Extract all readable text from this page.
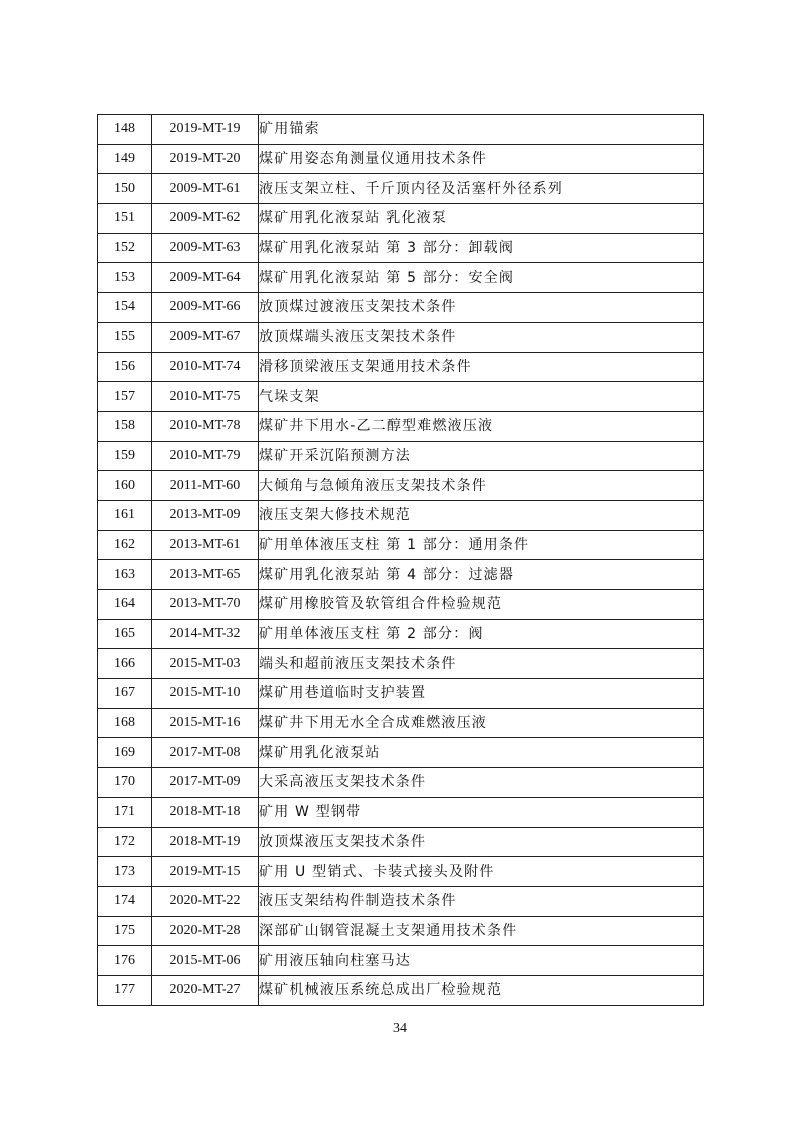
148	2019-MT-19	矿用锚索
149	2019-MT-20	煤矿用姿态角测量仪通用技术条件
150	2009-MT-61	液压支架立柱、千斤顶内径及活塞杆外径系列
151	2009-MT-62	煤矿用乳化液泵站 乳化液泵
152	2009-MT-63	煤矿用乳化液泵站 第 3 部分：卸载阀
153	2009-MT-64	煤矿用乳化液泵站 第 5 部分：安全阀
154	2009-MT-66	放顶煤过渡液压支架技术条件
155	2009-MT-67	放顶煤端头液压支架技术条件
156	2010-MT-74	滑移顶梁液压支架通用技术条件
157	2010-MT-75	气垛支架
158	2010-MT-78	煤矿井下用水-乙二醇型难燃液压液
159	2010-MT-79	煤矿开采沉陷预测方法
160	2011-MT-60	大倾角与急倾角液压支架技术条件
161	2013-MT-09	液压支架大修技术规范
162	2013-MT-61	矿用单体液压支柱 第 1 部分：通用条件
163	2013-MT-65	煤矿用乳化液泵站 第 4 部分：过滤器
164	2013-MT-70	煤矿用橡胶管及软管组合件检验规范
165	2014-MT-32	矿用单体液压支柱 第 2 部分：阀
166	2015-MT-03	端头和超前液压支架技术条件
167	2015-MT-10	煤矿用巷道临时支护装置
168	2015-MT-16	煤矿井下用无水全合成难燃液压液
169	2017-MT-08	煤矿用乳化液泵站
170	2017-MT-09	大采高液压支架技术条件
171	2018-MT-18	矿用 W 型钢带
172	2018-MT-19	放顶煤液压支架技术条件
173	2019-MT-15	矿用 U 型销式、卡装式接头及附件
174	2020-MT-22	液压支架结构件制造技术条件
175	2020-MT-28	深部矿山钢管混凝土支架通用技术条件
176	2015-MT-06	矿用液压轴向柱塞马达
177	2020-MT-27	煤矿机械液压系统总成出厂检验规范
34
